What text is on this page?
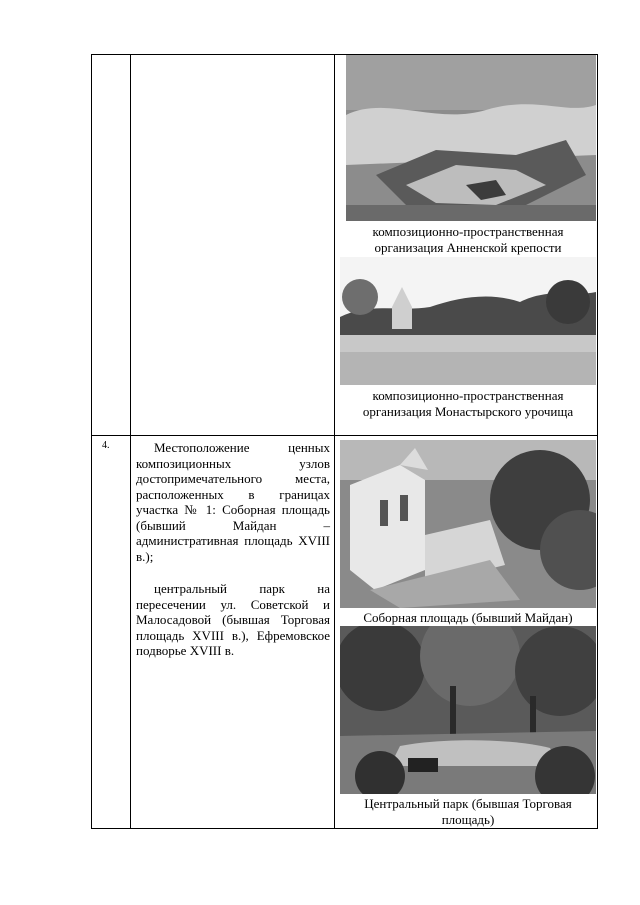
композиционно-пространственная организация Анненской крепости
композиционно-пространственная организация Монастырского урочища
4.	Местоположение ценных композиционных узлов достопримечательного места, расположенных в границах участка № 1: Соборная площадь (бывший Майдан – административная площадь XVIII в.);

центральный парк на пересечении ул. Советской и Малосадовой (бывшая Торговая площадь XVIII в.), Ефремовское подворье XVIII в.

Соборная площадь (бывший Майдан)
Центральный парк (бывшая Торговая площадь)
